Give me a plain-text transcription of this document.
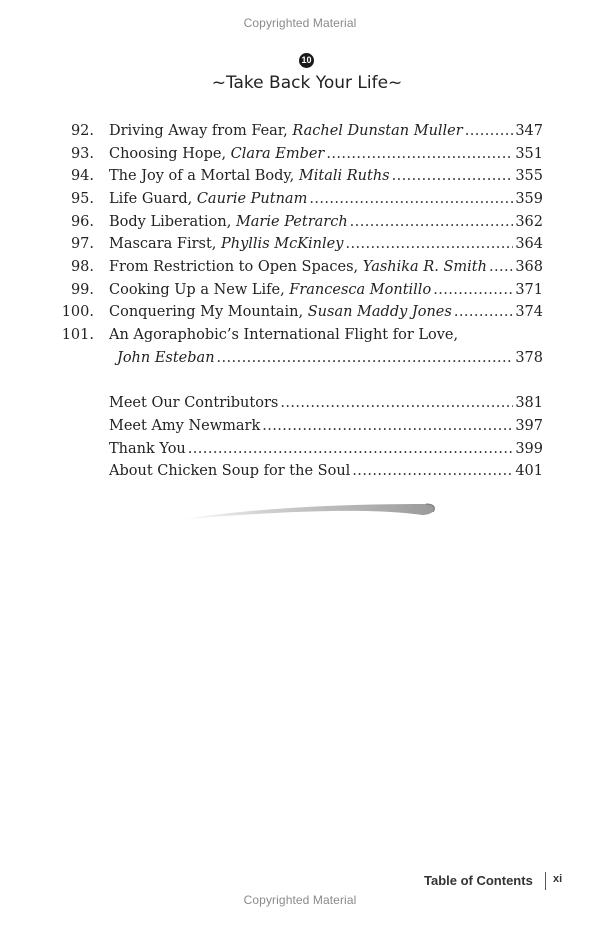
Copyrighted Material
10
~Take Back Your Life~
92. Driving Away from Fear, Rachel Dunstan Muller .....	347
93. Choosing Hope, Clara Ember .....	351
94. The Joy of a Mortal Body, Mitali Ruths .....	355
95. Life Guard, Caurie Putnam .....	359
96. Body Liberation, Marie Petrarch .....	362
97. Mascara First, Phyllis McKinley .....	364
98. From Restriction to Open Spaces, Yashika R. Smith ..... 368
99. Cooking Up a New Life, Francesca Montillo .....	371
100. Conquering My Mountain, Susan Maddy Jones .....	374
101. An Agoraphobic’s International Flight for Love,
John Esteban .....	378
Meet Our Contributors .....	381
Meet Amy Newmark .....	397
Thank You .....	399
About Chicken Soup for the Soul .....	401
Table of Contents xi
Copyrighted Material
